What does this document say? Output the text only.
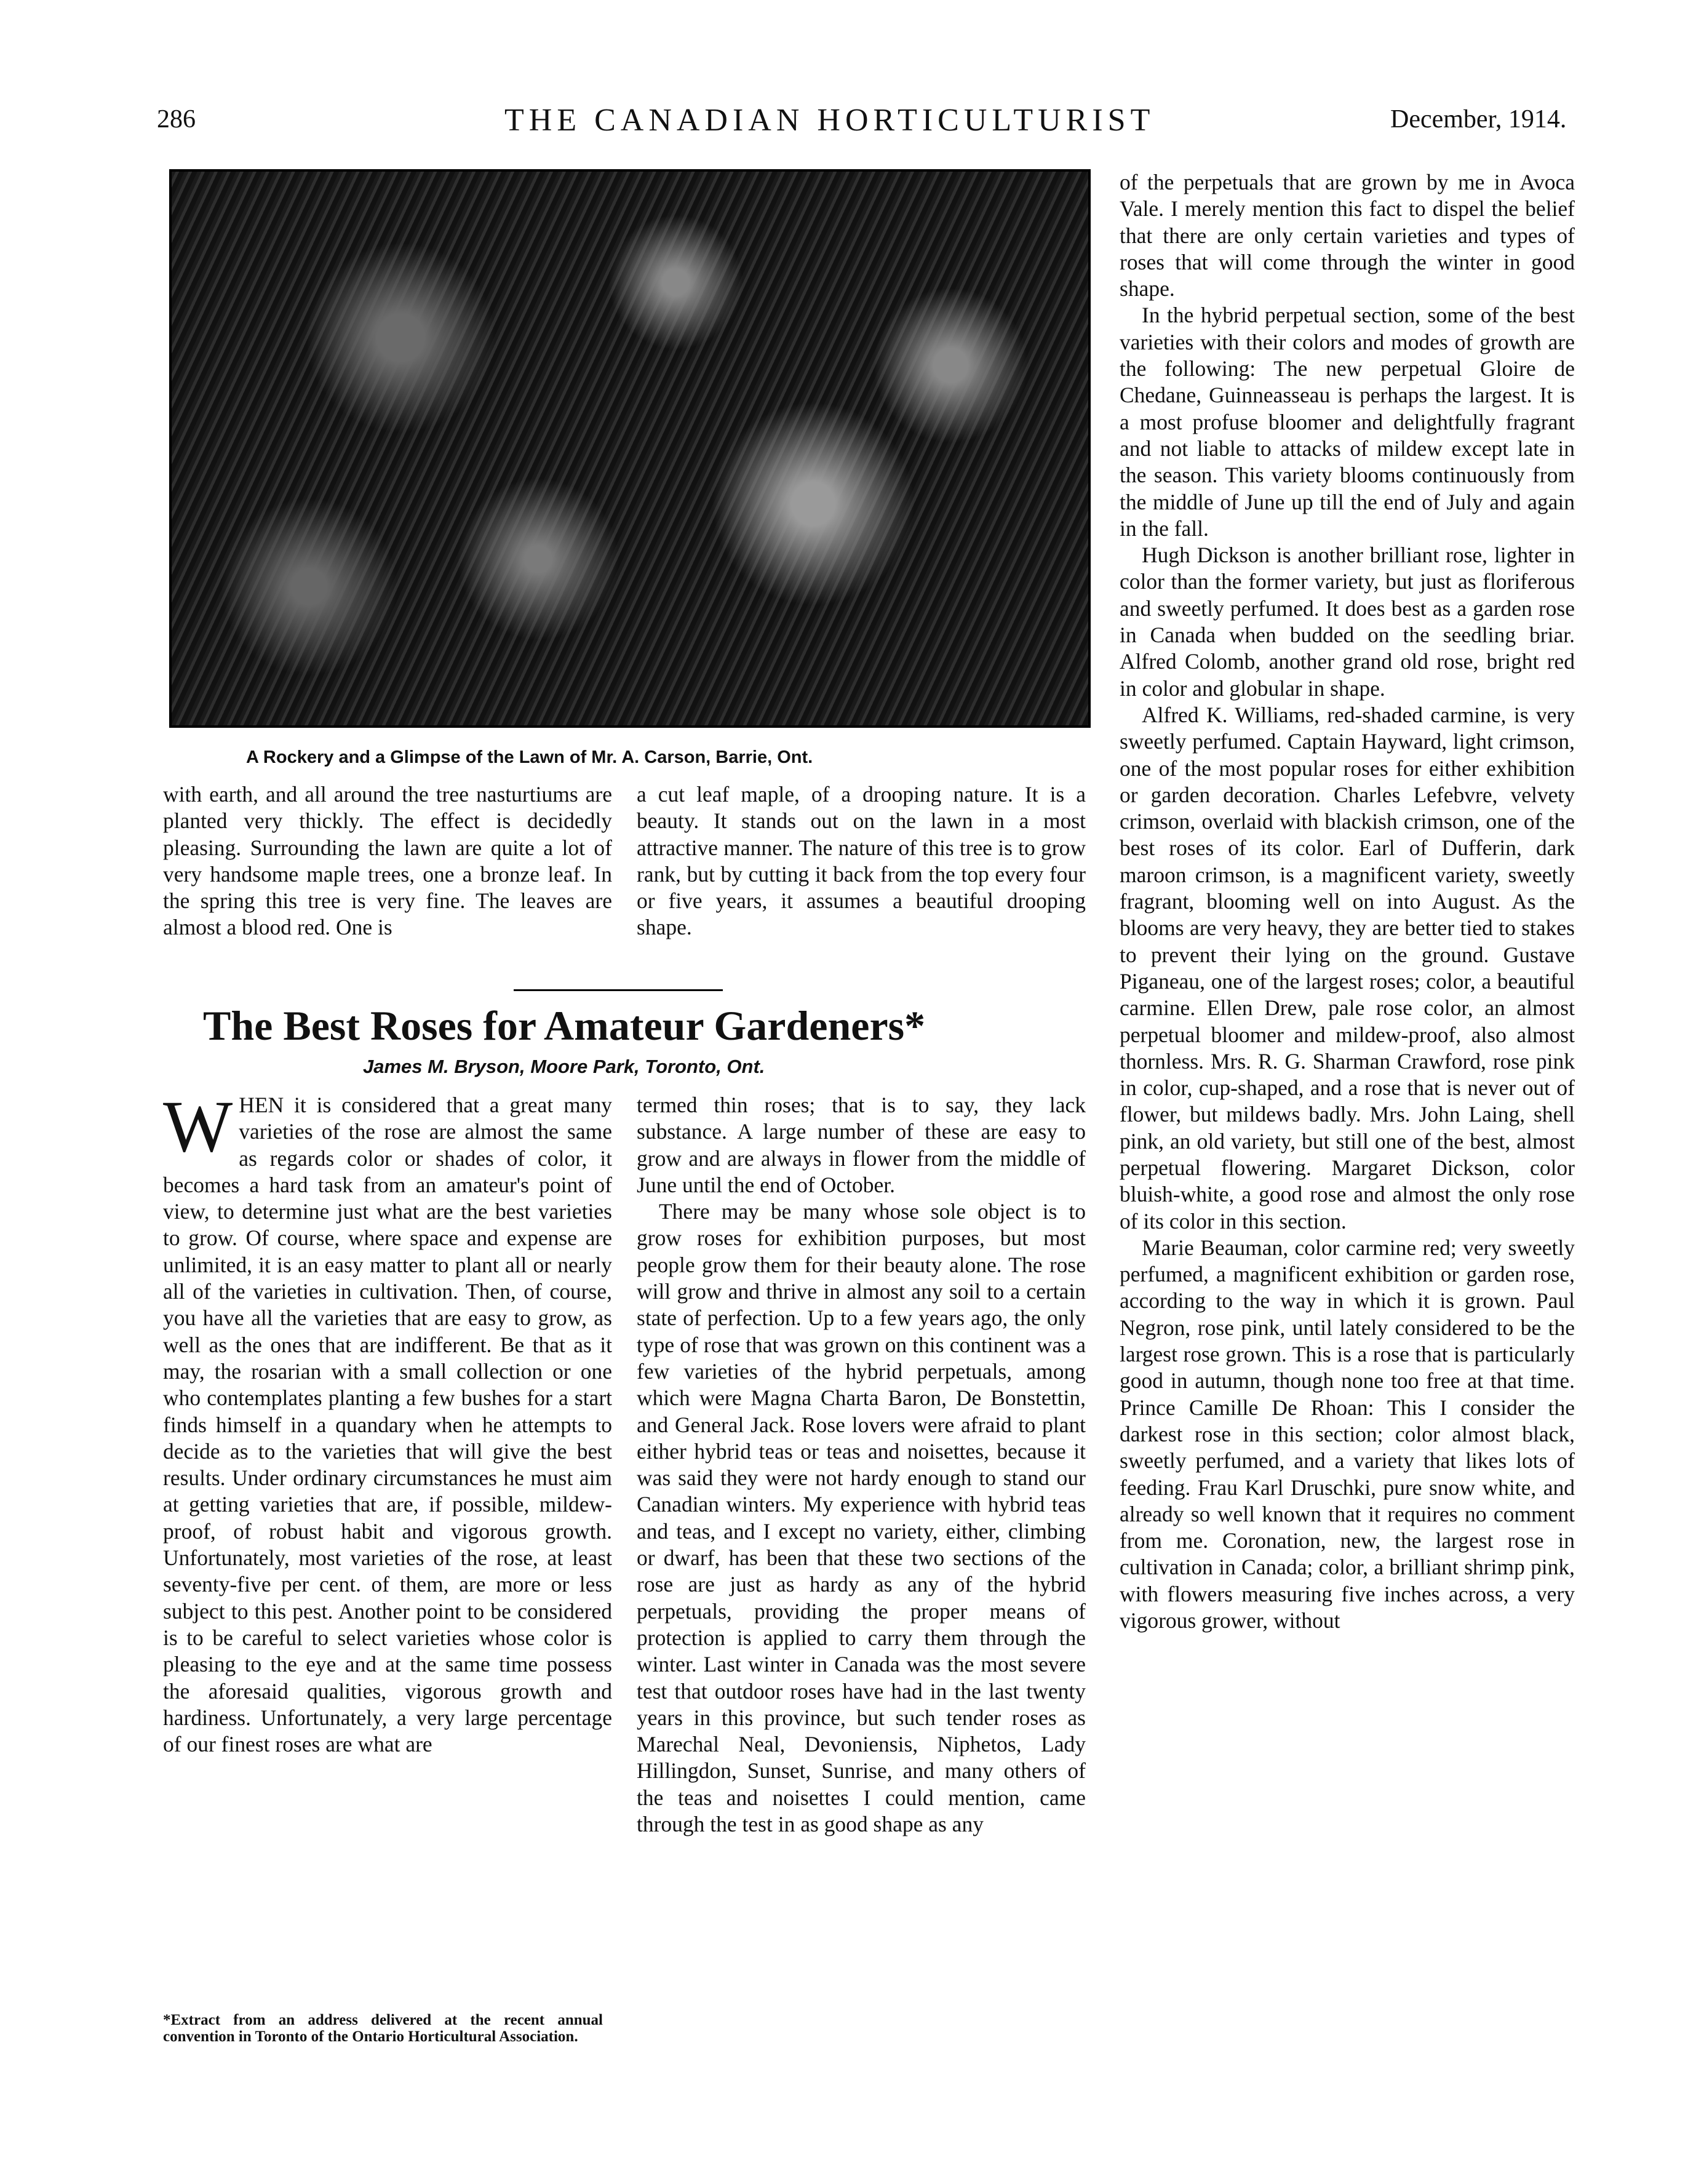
286	THE CANADIAN HORTICULTURIST	December, 1914.
A Rockery and a Glimpse of the Lawn of Mr. A. Carson, Barrie, Ont.

with earth, and all around the tree nasturtiums are planted very thickly. The effect is decidedly pleasing. Surrounding the lawn are quite a lot of very handsome maple trees, one a bronze leaf. In the spring this tree is very fine. The leaves are almost a blood red. One is

a cut leaf maple, of a drooping nature. It is a beauty. It stands out on the lawn in a most attractive manner. The nature of this tree is to grow rank, but by cutting it back from the top every four or five years, it assumes a beautiful drooping shape.

The Best Roses for Amateur Gardeners*
James M. Bryson, Moore Park, Toronto, Ont.

WHEN it is considered that a great many varieties of the rose are almost the same as regards color or shades of color, it becomes a hard task from an amateur's point of view, to determine just what are the best varieties to grow. Of course, where space and expense are unlimited, it is an easy matter to plant all or nearly all of the varieties in cultivation. Then, of course, you have all the varieties that are easy to grow, as well as the ones that are indifferent. Be that as it may, the rosarian with a small collection or one who contemplates planting a few bushes for a start finds himself in a quandary when he attempts to decide as to the varieties that will give the best results. Under ordinary circumstances he must aim at getting varieties that are, if possible, mildew-proof, of robust habit and vigorous growth. Unfortunately, most varieties of the rose, at least seventy-five per cent. of them, are more or less subject to this pest. Another point to be considered is to be careful to select varieties whose color is pleasing to the eye and at the same time possess the aforesaid qualities, vigorous growth and hardiness. Unfortunately, a very large percentage of our finest roses are what are

termed thin roses; that is to say, they lack substance. A large number of these are easy to grow and are always in flower from the middle of June until the end of October.

There may be many whose sole object is to grow roses for exhibition purposes, but most people grow them for their beauty alone. The rose will grow and thrive in almost any soil to a certain state of perfection. Up to a few years ago, the only type of rose that was grown on this continent was a few varieties of the hybrid perpetuals, among which were Magna Charta Baron, De Bonstettin, and General Jack. Rose lovers were afraid to plant either hybrid teas or teas and noisettes, because it was said they were not hardy enough to stand our Canadian winters. My experience with hybrid teas and teas, and I except no variety, either, climbing or dwarf, has been that these two sections of the rose are just as hardy as any of the hybrid perpetuals, providing the proper means of protection is applied to carry them through the winter. Last winter in Canada was the most severe test that outdoor roses have had in the last twenty years in this province, but such tender roses as Marechal Neal, Devoniensis, Niphetos, Lady Hillingdon, Sunset, Sunrise, and many others of the teas and noisettes I could mention, came through the test in as good shape as any

of the perpetuals that are grown by me in Avoca Vale. I merely mention this fact to dispel the belief that there are only certain varieties and types of roses that will come through the winter in good shape.

In the hybrid perpetual section, some of the best varieties with their colors and modes of growth are the following: The new perpetual Gloire de Chedane, Guinneasseau is perhaps the largest. It is a most profuse bloomer and delightfully fragrant and not liable to attacks of mildew except late in the season. This variety blooms continuously from the middle of June up till the end of July and again in the fall.

Hugh Dickson is another brilliant rose, lighter in color than the former variety, but just as floriferous and sweetly perfumed. It does best as a garden rose in Canada when budded on the seedling briar. Alfred Colomb, another grand old rose, bright red in color and globular in shape.

Alfred K. Williams, red-shaded carmine, is very sweetly perfumed. Captain Hayward, light crimson, one of the most popular roses for either exhibition or garden decoration. Charles Lefebvre, velvety crimson, overlaid with blackish crimson, one of the best roses of its color. Earl of Dufferin, dark maroon crimson, is a magnificent variety, sweetly fragrant, blooming well on into August. As the blooms are very heavy, they are better tied to stakes to prevent their lying on the ground. Gustave Piganeau, one of the largest roses; color, a beautiful carmine. Ellen Drew, pale rose color, an almost perpetual bloomer and mildew-proof, also almost thornless. Mrs. R. G. Sharman Crawford, rose pink in color, cup-shaped, and a rose that is never out of flower, but mildews badly. Mrs. John Laing, shell pink, an old variety, but still one of the best, almost perpetual flowering. Margaret Dickson, color bluish-white, a good rose and almost the only rose of its color in this section.

Marie Beauman, color carmine red; very sweetly perfumed, a magnificent exhibition or garden rose, according to the way in which it is grown. Paul Negron, rose pink, until lately considered to be the largest rose grown. This is a rose that is particularly good in autumn, though none too free at that time. Prince Camille De Rhoan: This I consider the darkest rose in this section; color almost black, sweetly perfumed, and a variety that likes lots of feeding. Frau Karl Druschki, pure snow white, and already so well known that it requires no comment from me. Coronation, new, the largest rose in cultivation in Canada; color, a brilliant shrimp pink, with flowers measuring five inches across, a very vigorous grower, without

*Extract from an address delivered at the recent annual convention in Toronto of the Ontario Horticultural Association.
